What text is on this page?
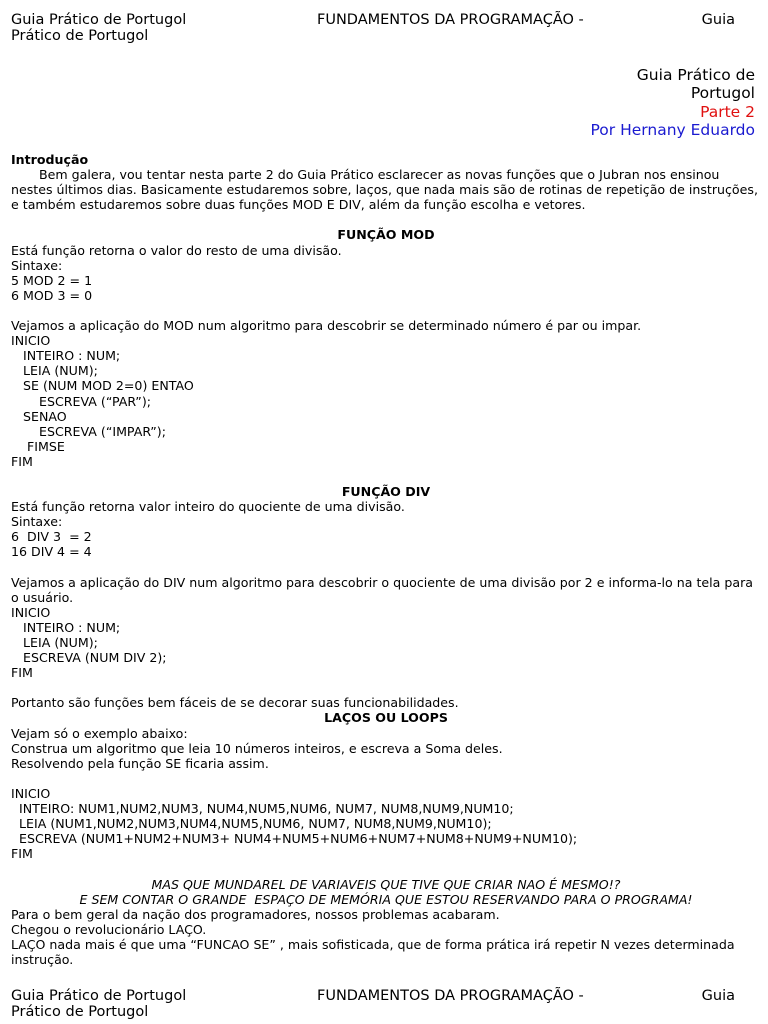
Guia Prático de Portugol	FUNDAMENTOS DA PROGRAMAÇÃO -	Guia
Prático de Portugol
Guia Prático de
Portugol
Parte 2
Por Hernany Eduardo

Introdução

Bem galera, vou tentar nesta parte 2 do Guia Prático esclarecer as novas funções que o Jubran nos ensinou nestes últimos dias. Basicamente estudaremos sobre, laços, que nada mais são de rotinas de repetição de instruções, e também estudaremos sobre duas funções MOD E DIV, além da função escolha e vetores.

FUNÇÃO MOD

Está função retorna o valor do resto de uma divisão.

Sintaxe:

5 MOD 2 = 1

6 MOD 3 = 0

Vejamos a aplicação do MOD num algoritmo para descobrir se determinado número é par ou impar.

INICIO

INTEIRO : NUM;

LEIA (NUM);

SE (NUM MOD 2=0) ENTAO

ESCREVA (“PAR”);

SENAO

ESCREVA (“IMPAR”);

FIMSE

FIM

FUNÇÃO DIV

Está função retorna valor inteiro do quociente de uma divisão.

Sintaxe:

6  DIV 3  = 2

16 DIV 4 = 4

Vejamos a aplicação do DIV num algoritmo para descobrir o quociente de uma divisão por 2 e informa-lo na tela para o usuário.

INICIO

INTEIRO : NUM;

LEIA (NUM);

ESCREVA (NUM DIV 2);

FIM

Portanto são funções bem fáceis de se decorar suas funcionabilidades.

LAÇOS OU LOOPS

Vejam só o exemplo abaixo:

Construa um algoritmo que leia 10 números inteiros, e escreva a Soma deles.

Resolvendo pela função SE ficaria assim.

INICIO

INTEIRO: NUM1,NUM2,NUM3, NUM4,NUM5,NUM6, NUM7, NUM8,NUM9,NUM10;

LEIA (NUM1,NUM2,NUM3,NUM4,NUM5,NUM6, NUM7, NUM8,NUM9,NUM10);

ESCREVA (NUM1+NUM2+NUM3+ NUM4+NUM5+NUM6+NUM7+NUM8+NUM9+NUM10);

FIM

MAS QUE MUNDAREL DE VARIAVEIS QUE TIVE QUE CRIAR NAO É MESMO!?

E SEM CONTAR O GRANDE  ESPAÇO DE MEMÓRIA QUE ESTOU RESERVANDO PARA O PROGRAMA!

Para o bem geral da nação dos programadores, nossos problemas acabaram.

Chegou o revolucionário LAÇO.

LAÇO nada mais é que uma “FUNCAO SE” , mais sofisticada, que de forma prática irá repetir N vezes determinada instrução.

Guia Prático de Portugol	FUNDAMENTOS DA PROGRAMAÇÃO -	Guia
Prático de Portugol
